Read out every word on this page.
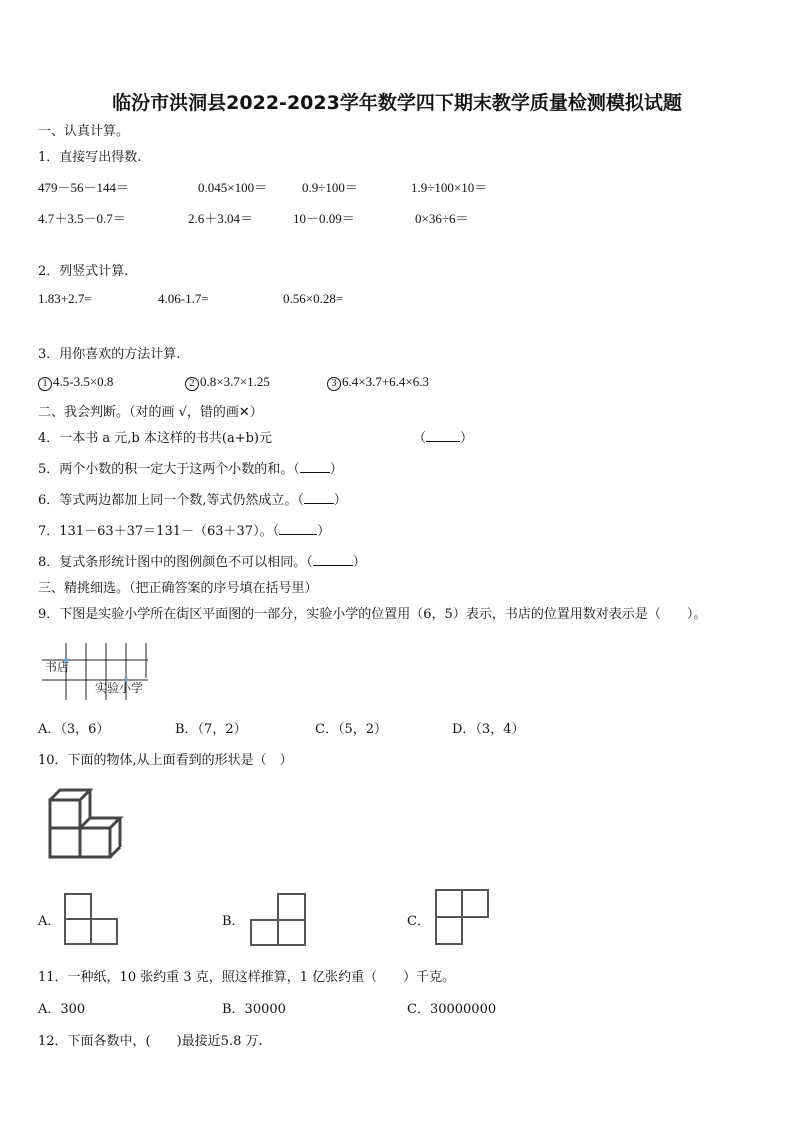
临汾市洪洞县2022-2023学年数学四下期末教学质量检测模拟试题
一、认真计算。
1．直接写出得数.
479－56－144＝	0.045×100＝	0.9÷100＝	1.9÷100×10＝
4.7＋3.5－0.7＝	2.6＋3.04＝	10－0.09＝	0×36÷6＝
2．列竖式计算.
1.83+2.7=	4.06-1.7=	0.56×0.28=
3．用你喜欢的方法计算.
1 4.5-3.5×0.8	2 0.8×3.7×1.25	3 6.4×3.7+6.4×6.3
二、我会判断。（对的画 √，错的画✕）
4．一本书 a 元,b 本这样的书共(a+b)元	（	）
5．两个小数的积一定大于这两个小数的和。（ ）
6．等式两边都加上同一个数,等式仍然成立。（ ）
7．131－63＋37＝131－（63＋37）。（	）
8．复式条形统计图中的图例颜色不可以相同。（	）
三、精挑细选。（把正确答案的序号填在括号里）
9．下图是实验小学所在街区平面图的一部分，实验小学的位置用（6，5）表示，书店的位置用数对表示是（　　）。
书店
实验小学
A．（3，6）	B．（7，2）	C．（5，2）	D．（3，4）
10．下面的物体,从上面看到的形状是（　）
A．	B．	C．
11．一种纸，10 张约重 3 克，照这样推算，1 亿张约重（　　）千克。
A．300	B．30000	C．30000000
12．下面各数中，(　　)最接近5.8 万.
